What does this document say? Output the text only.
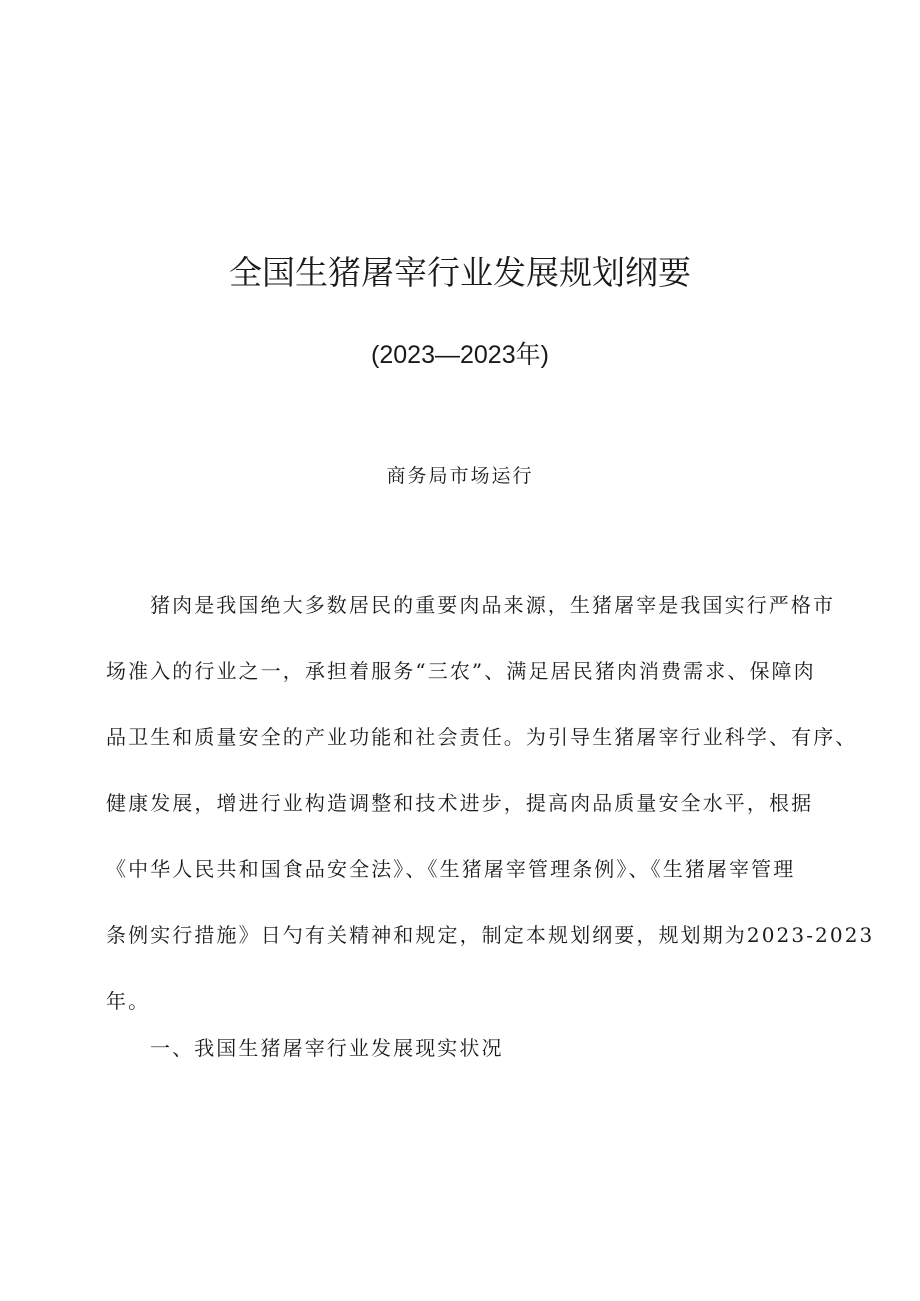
全国生猪屠宰行业发展规划纲要
(2023—2023年)
商务局市场运行
猪肉是我国绝大多数居民的重要肉品来源，生猪屠宰是我国实行严格市
场准入的行业之一，承担着服务“三农”、满足居民猪肉消费需求、保障肉
品卫生和质量安全的产业功能和社会责任。为引导生猪屠宰行业科学、有序、
健康发展，增进行业构造调整和技术进步，提高肉品质量安全水平，根据
《中华人民共和国食品安全法》、《生猪屠宰管理条例》、《生猪屠宰管理
条例实行措施》日勺有关精神和规定，制定本规划纲要，规划期为2023-2023
年。
一、我国生猪屠宰行业发展现实状况
